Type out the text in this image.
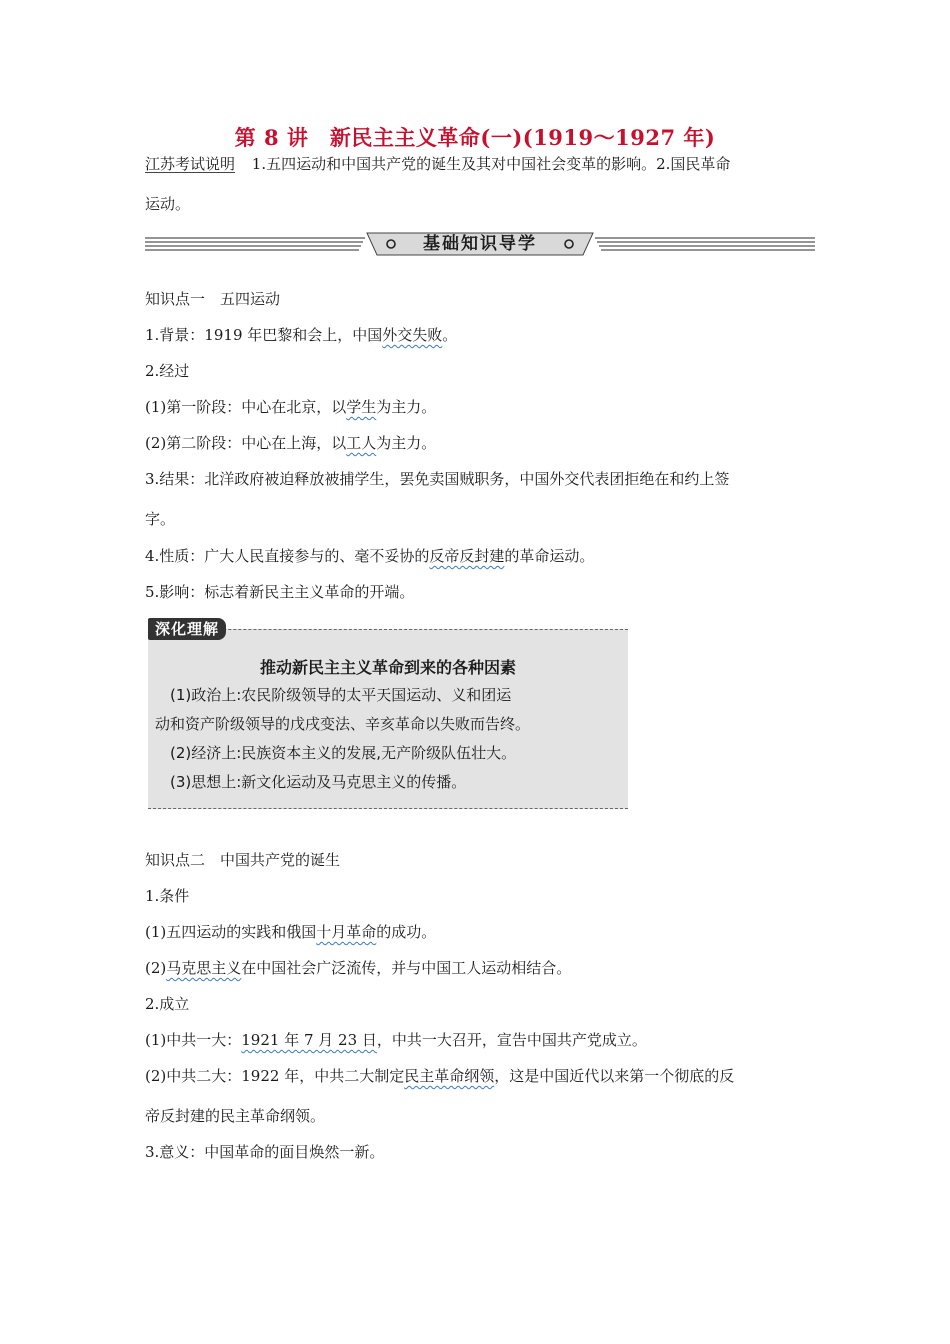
第 8 讲　新民主主义革命(一)(1919～1927 年)
江苏考试说明 1.五四运动和中国共产党的诞生及其对中国社会变革的影响。2.国民革命
运动。
基础知识导学
知识点一　五四运动
1.背景：1919 年巴黎和会上，中国外交失败。
2.经过
(1)第一阶段：中心在北京，以学生为主力。
(2)第二阶段：中心在上海，以工人为主力。
3.结果：北洋政府被迫释放被捕学生，罢免卖国贼职务，中国外交代表团拒绝在和约上签
字。
4.性质：广大人民直接参与的、毫不妥协的反帝反封建的革命运动。
5.影响：标志着新民主主义革命的开端。
深化理解
推动新民主主义革命到来的各种因素
(1)政治上:农民阶级领导的太平天国运动、义和团运
动和资产阶级领导的戊戌变法、辛亥革命以失败而告终。
(2)经济上:民族资本主义的发展,无产阶级队伍壮大。
(3)思想上:新文化运动及马克思主义的传播。
知识点二　中国共产党的诞生
1.条件
(1)五四运动的实践和俄国十月革命的成功。
(2)马克思主义在中国社会广泛流传，并与中国工人运动相结合。
2.成立
(1)中共一大：1921 年 7 月 23 日，中共一大召开，宣告中国共产党成立。
(2)中共二大：1922 年，中共二大制定民主革命纲领，这是中国近代以来第一个彻底的反
帝反封建的民主革命纲领。
3.意义：中国革命的面目焕然一新。
